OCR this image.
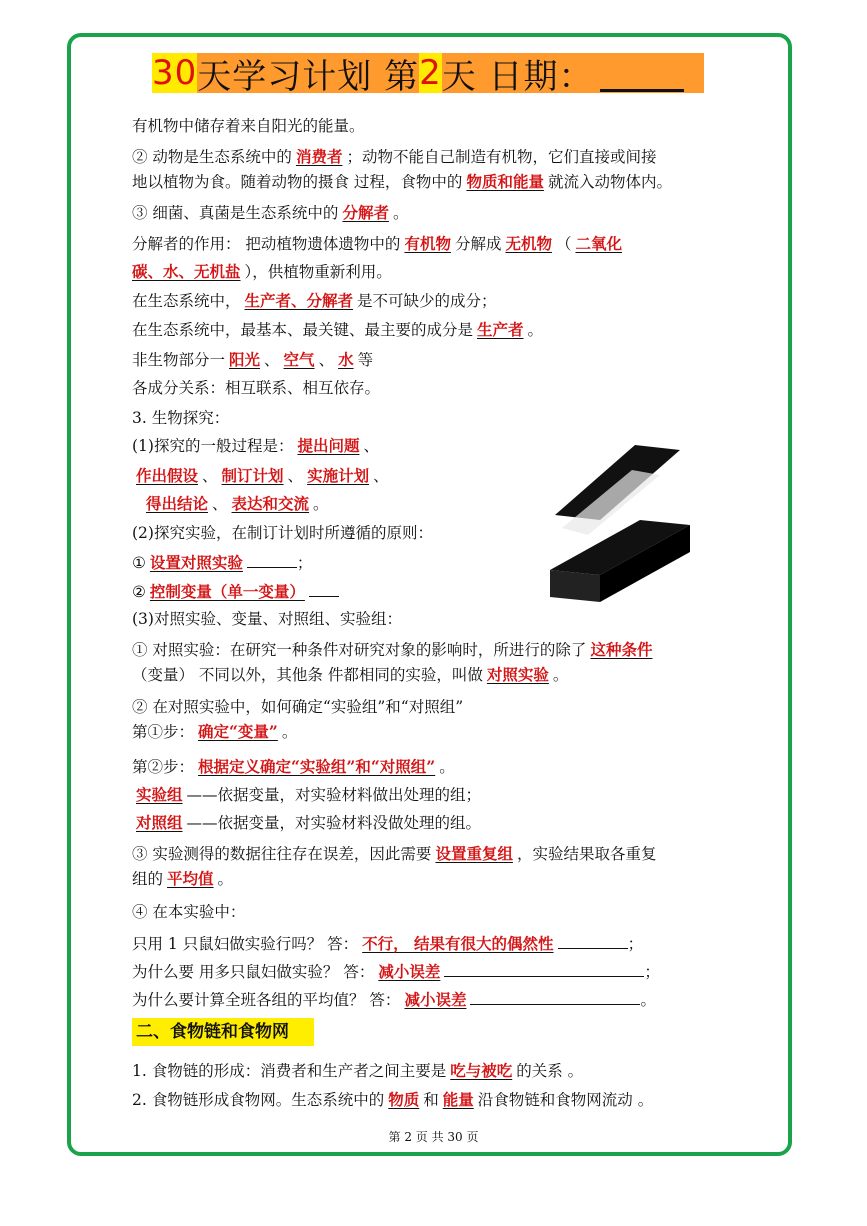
30 天学习计划 第 2 天 日期：
有机物中储存着来自阳光的能量。
② 动物是生态系统中的 消费者 ；动物不能自己制造有机物，它们直接或间接
地以植物为食。随着动物的摄食 过程，食物中的 物质和能量 就流入动物体内。
③ 细菌、真菌是生态系统中的 分解者 。
分解者的作用： 把动植物遗体遗物中的 有机物 分解成 无机物 （ 二氧化
碳、水、无机盐 ），供植物重新利用。
在生态系统中， 生产者、分解者 是不可缺少的成分；
在生态系统中，最基本、最关键、最主要的成分是 生产者 。
非生物部分一 阳光 、 空气 、 水 等
各成分关系：相互联系、相互依存。
3. 生物探究：
(1)探究的一般过程是： 提出问题 、
作出假设 、 制订计划 、 实施计划 、
得出结论 、 表达和交流 。
(2)探究实验，在制订计划时所遵循的原则：
① 设置对照实验	；
② 控制变量（单一变量）
(3)对照实验、变量、对照组、实验组：
① 对照实验：在研究一种条件对研究对象的影响时，所进行的除了 这种条件
（变量） 不同以外，其他条 件都相同的实验，叫做 对照实验 。
② 在对照实验中，如何确定“实验组”和“对照组”
第①步： 确定“变量” 。
第②步： 根据定义确定“实验组”和“对照组” 。
实验组 ——依据变量，对实验材料做出处理的组；
对照组 ——依据变量，对实验材料没做处理的组。
③ 实验测得的数据往往存在误差，因此需要 设置重复组 ，实验结果取各重复
组的 平均值 。
④ 在本实验中：
只用 1 只鼠妇做实验行吗？ 答： 不行， 结果有很大的偶然性	；
为什么要 用多只鼠妇做实验？ 答： 减小误差	；
为什么要计算全班各组的平均值？ 答： 减小误差	。
二、食物链和食物网
1. 食物链的形成：消费者和生产者之间主要是 吃与被吃 的关系 。
2. 食物链形成食物网。生态系统中的 物质 和 能量 沿食物链和食物网流动 。
第 2 页 共 30 页
